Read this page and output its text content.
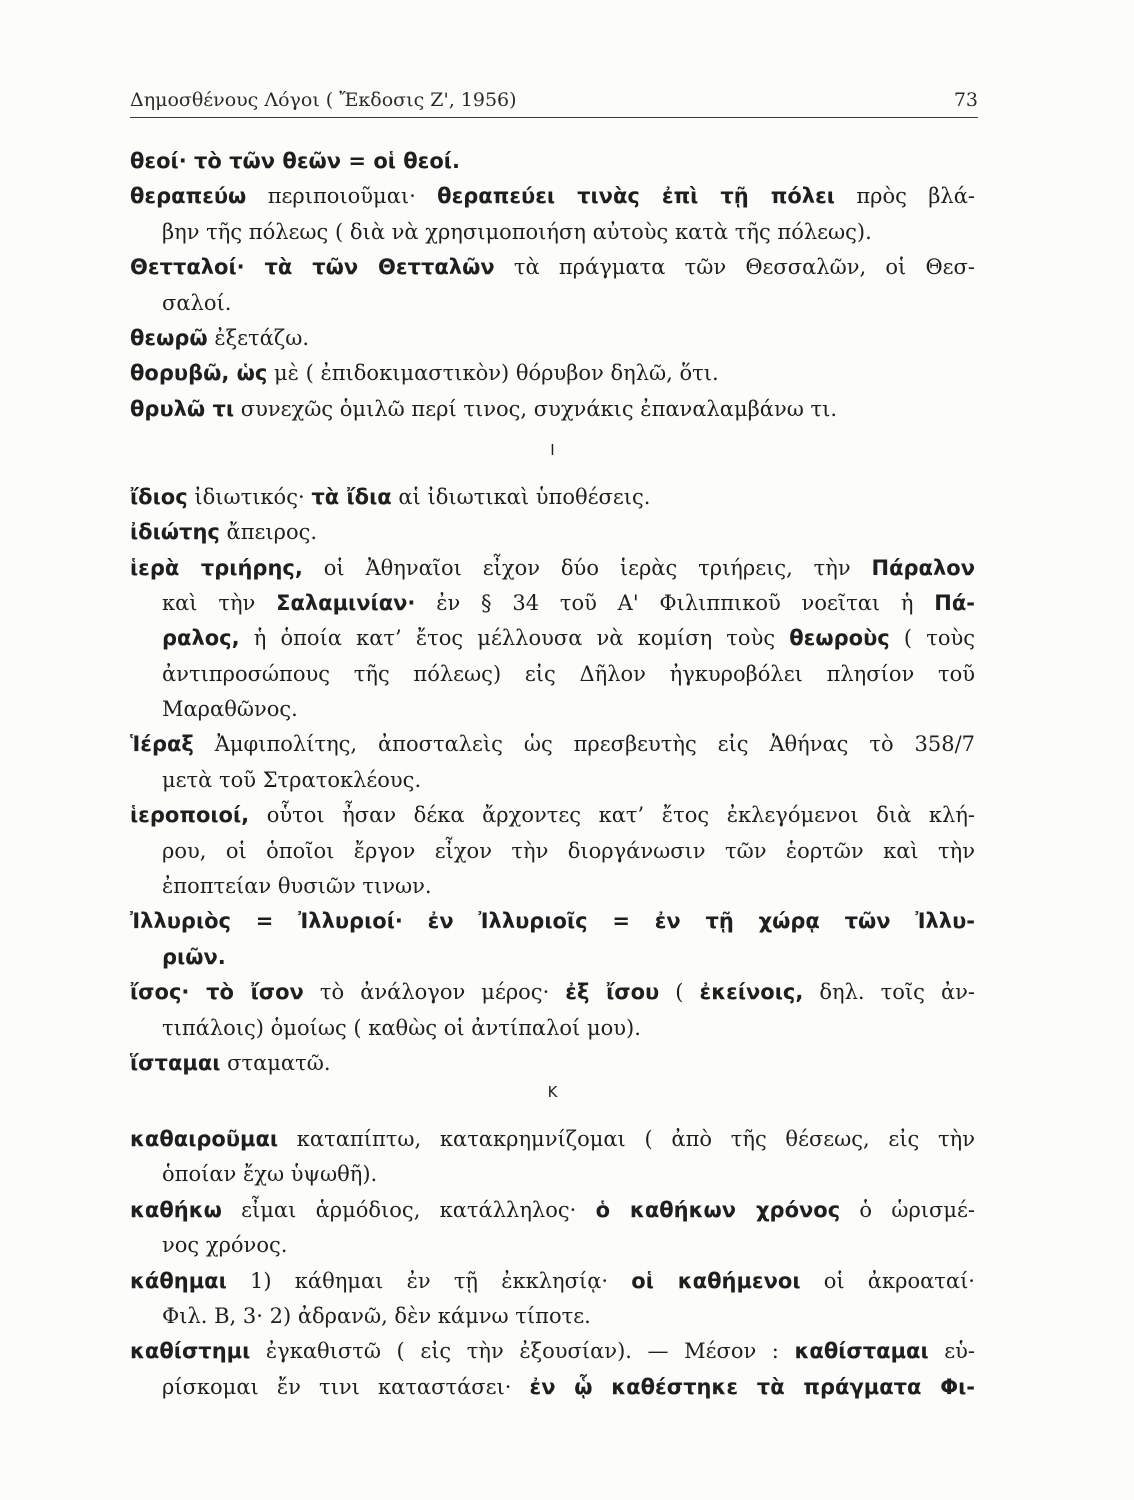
Δημοσθένους Λόγοι ( Ἔκδοσις Ζ', 1956)	73
θεοί· τὸ τῶν θεῶν = οἱ θεοί.
θεραπεύω περιποιοῦμαι· θεραπεύει τινὰς ἐπὶ τῇ πόλει πρὸς βλά-
βην τῆς πόλεως ( διὰ νὰ χρησιμοποιήση αὐτοὺς κατὰ τῆς πόλεως).
Θετταλοί· τὰ τῶν Θετταλῶν τὰ πράγματα τῶν Θεσσαλῶν, οἱ Θεσ-
σαλοί.
θεωρῶ ἐξετάζω.
θορυβῶ, ὡς μὲ ( ἐπιδοκιμαστικὸν) θόρυβον δηλῶ, ὅτι.
θρυλῶ τι συνεχῶς ὁμιλῶ περί τινος, συχνάκις ἐπαναλαμβάνω τι.
Ι
ἴδιος ἰδιωτικός· τὰ ἴδια αἱ ἰδιωτικαὶ ὑποθέσεις.
ἰδιώτης ἄπειρος.
ἱερὰ τριήρης, οἱ Ἀθηναῖοι εἶχον δύο ἱερὰς τριήρεις, τὴν Πάραλον
καὶ τὴν Σαλαμινίαν· ἐν § 34 τοῦ Α' Φιλιππικοῦ νοεῖται ἡ Πά-
ραλος, ἡ ὁποία κατ’ ἔτος μέλλουσα νὰ κομίση τοὺς θεωροὺς ( τοὺς
ἀντιπροσώπους τῆς πόλεως) εἰς Δῆλον ἠγκυροβόλει πλησίον τοῦ
Μαραθῶνος.
Ἱέραξ Ἀμφιπολίτης, ἀποσταλεὶς ὡς πρεσβευτὴς εἰς Ἀθήνας τὸ 358/7
μετὰ τοῦ Στρατοκλέους.
ἱεροποιοί, οὗτοι ἦσαν δέκα ἄρχοντες κατ’ ἔτος ἐκλεγόμενοι διὰ κλή-
ρου, οἱ ὁποῖοι ἔργον εἶχον τὴν διοργάνωσιν τῶν ἑορτῶν καὶ τὴν
ἐποπτείαν θυσιῶν τινων.
Ἰλλυριὸς = Ἰλλυριοί· ἐν Ἰλλυριοῖς = ἐν τῇ χώρᾳ τῶν Ἰλλυ-
ριῶν.
ἴσος· τὸ ἴσον τὸ ἀνάλογον μέρος· ἐξ ἴσου ( ἐκείνοις, δηλ. τοῖς ἀν-
τιπάλοις) ὁμοίως ( καθὼς οἱ ἀντίπαλοί μου).
ἵσταμαι σταματῶ.
Κ
καθαιροῦμαι καταπίπτω, κατακρημνίζομαι ( ἀπὸ τῆς θέσεως, εἰς τὴν
ὁποίαν ἔχω ὑψωθῆ).
καθήκω εἶμαι ἁρμόδιος, κατάλληλος· ὁ καθήκων χρόνος ὁ ὡρισμέ-
νος χρόνος.
κάθημαι 1) κάθημαι ἐν τῇ ἐκκλησίᾳ· οἱ καθήμενοι οἱ ἀκροαταί·
Φιλ. Β, 3· 2) ἀδρανῶ, δὲν κάμνω τίποτε.
καθίστημι ἐγκαθιστῶ ( εἰς τὴν ἐξουσίαν). — Μέσον : καθίσταμαι εὑ-
ρίσκομαι ἔν τινι καταστάσει· ἐν ᾧ καθέστηκε τὰ πράγματα Φι-
